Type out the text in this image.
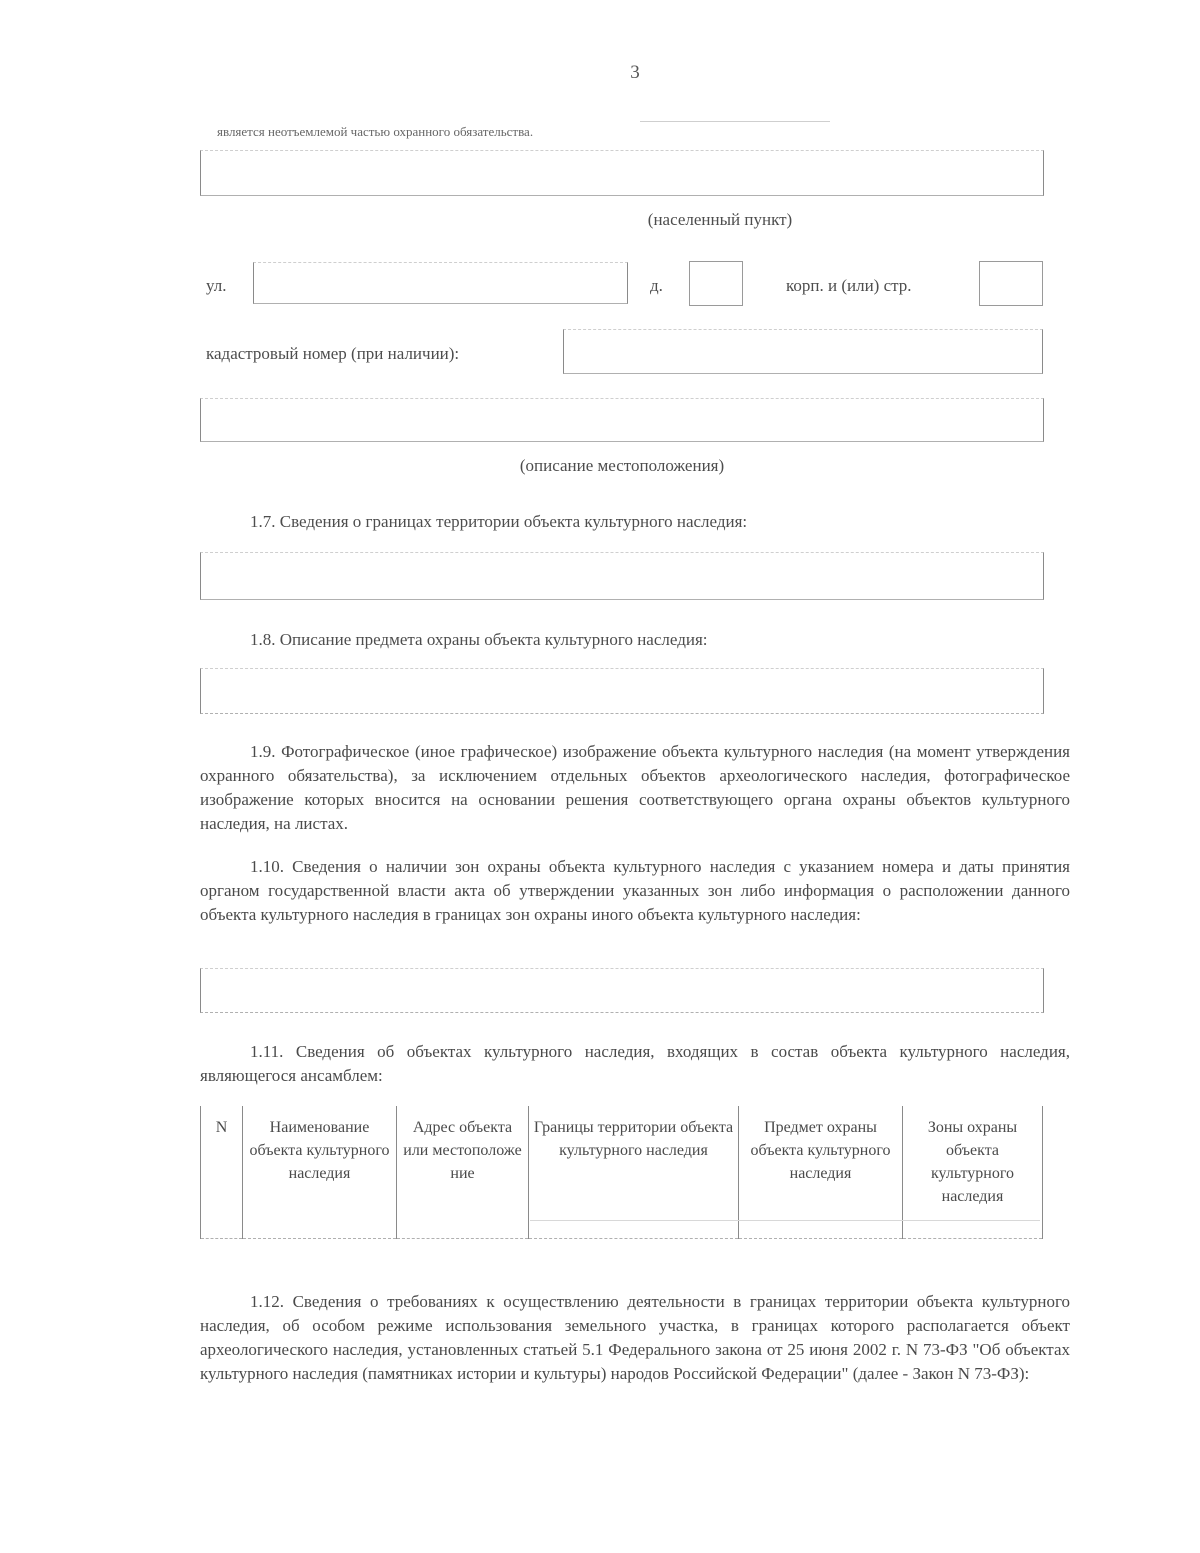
3
является неотъемлемой частью охранного обязательства.
(населенный пункт)
ул.	д.	корп. и (или) стр.
кадастровый номер (при наличии):
(описание местоположения)
1.7. Сведения о границах территории объекта культурного наследия:
1.8. Описание предмета охраны объекта культурного наследия:

1.9. Фотографическое (иное графическое) изображение объекта культурного наследия (на момент утверждения охранного обязательства), за исключением отдельных объектов археологического наследия, фотографическое изображение которых вносится на основании решения соответствующего органа охраны объектов культурного наследия, на листах.

1.10. Сведения о наличии зон охраны объекта культурного наследия с указанием номера и даты принятия органом государственной власти акта об утверждении указанных зон либо информация о расположении данного объекта культурного наследия в границах зон охраны иного объекта культурного наследия:

1.11. Сведения об объектах культурного наследия, входящих в состав объекта культурного наследия, являющегося ансамблем:

N	Наименование объекта культурного наследия	Адрес объекта или местоположе ние	Границы территории объекта культурного наследия	Предмет охраны объекта культурного наследия	Зоны охраны объекта культурного наследия

1.12. Сведения о требованиях к осуществлению деятельности в границах территории объекта культурного наследия, об особом режиме использования земельного участка, в границах которого располагается объект археологического наследия, установленных статьей 5.1 Федерального закона от 25 июня 2002 г. N 73-ФЗ "Об объектах культурного наследия (памятниках истории и культуры) народов Российской Федерации" (далее - Закон N 73-ФЗ):
